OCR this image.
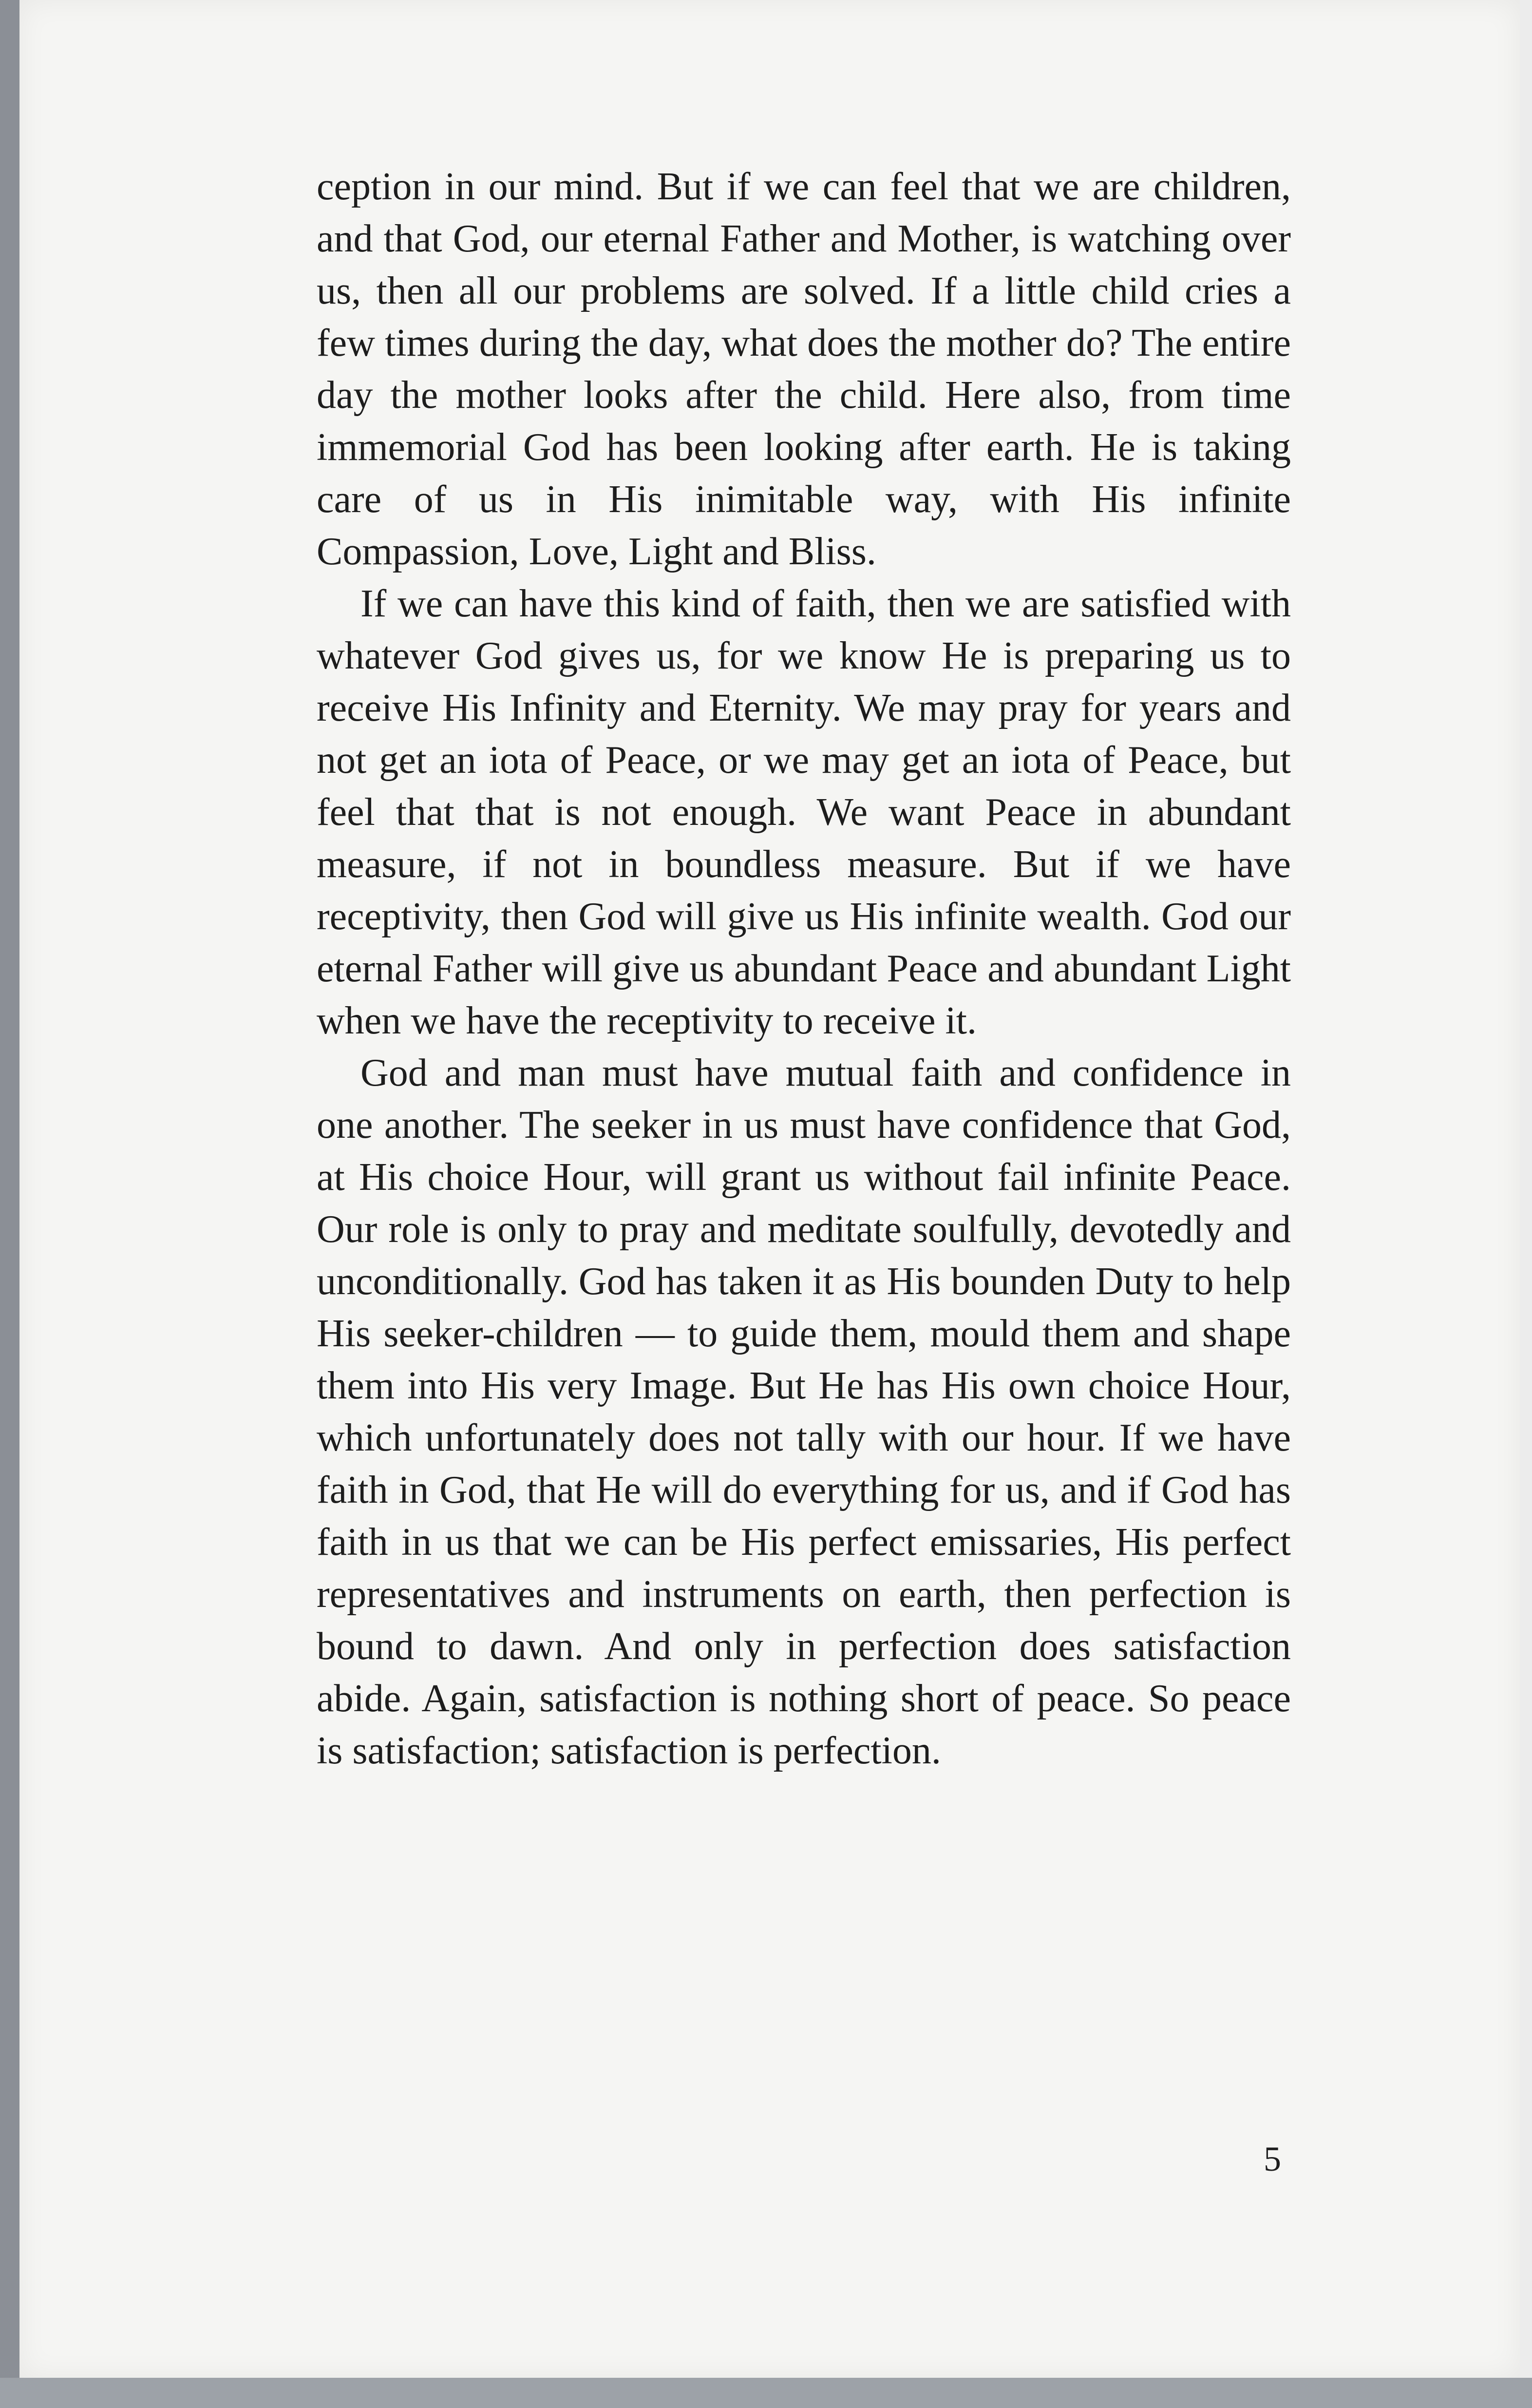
ception in our mind. But if we can feel that we are children, and that God, our eternal Father and Mother, is watching over us, then all our problems are solved. If a little child cries a few times during the day, what does the mother do? The entire day the mother looks after the child. Here also, from time immemorial God has been looking after earth. He is taking care of us in His inimitable way, with His infinite Compassion, Love, Light and Bliss.

If we can have this kind of faith, then we are satisfied with whatever God gives us, for we know He is preparing us to receive His Infinity and Eternity. We may pray for years and not get an iota of Peace, or we may get an iota of Peace, but feel that that is not enough. We want Peace in abundant measure, if not in boundless measure. But if we have receptivity, then God will give us His infinite wealth. God our eternal Father will give us abundant Peace and abundant Light when we have the receptivity to receive it.

God and man must have mutual faith and confidence in one another. The seeker in us must have confidence that God, at His choice Hour, will grant us without fail infinite Peace. Our role is only to pray and meditate soulfully, devotedly and unconditionally. God has taken it as His bounden Duty to help His seeker-children — to guide them, mould them and shape them into His very Image. But He has His own choice Hour, which unfortunately does not tally with our hour. If we have faith in God, that He will do everything for us, and if God has faith in us that we can be His perfect emissaries, His perfect representatives and instruments on earth, then perfection is bound to dawn. And only in perfection does satisfaction abide. Again, satisfaction is nothing short of peace. So peace is satisfaction; satisfaction is perfection.

5
